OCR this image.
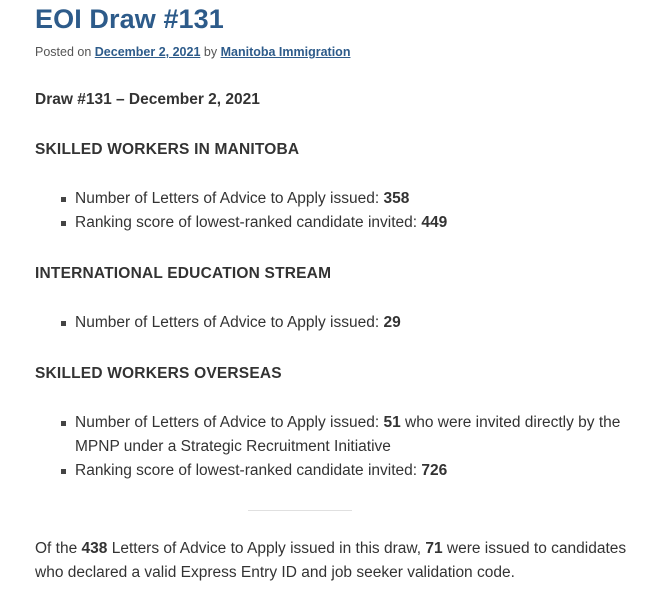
EOI Draw #131
Posted on December 2, 2021 by Manitoba Immigration
Draw #131 – December 2, 2021
SKILLED WORKERS IN MANITOBA
Number of Letters of Advice to Apply issued: 358
Ranking score of lowest-ranked candidate invited: 449
INTERNATIONAL EDUCATION STREAM
Number of Letters of Advice to Apply issued: 29
SKILLED WORKERS OVERSEAS
Number of Letters of Advice to Apply issued: 51 who were invited directly by the MPNP under a Strategic Recruitment Initiative
Ranking score of lowest-ranked candidate invited: 726

Of the 438 Letters of Advice to Apply issued in this draw, 71 were issued to candidates who declared a valid Express Entry ID and job seeker validation code.
